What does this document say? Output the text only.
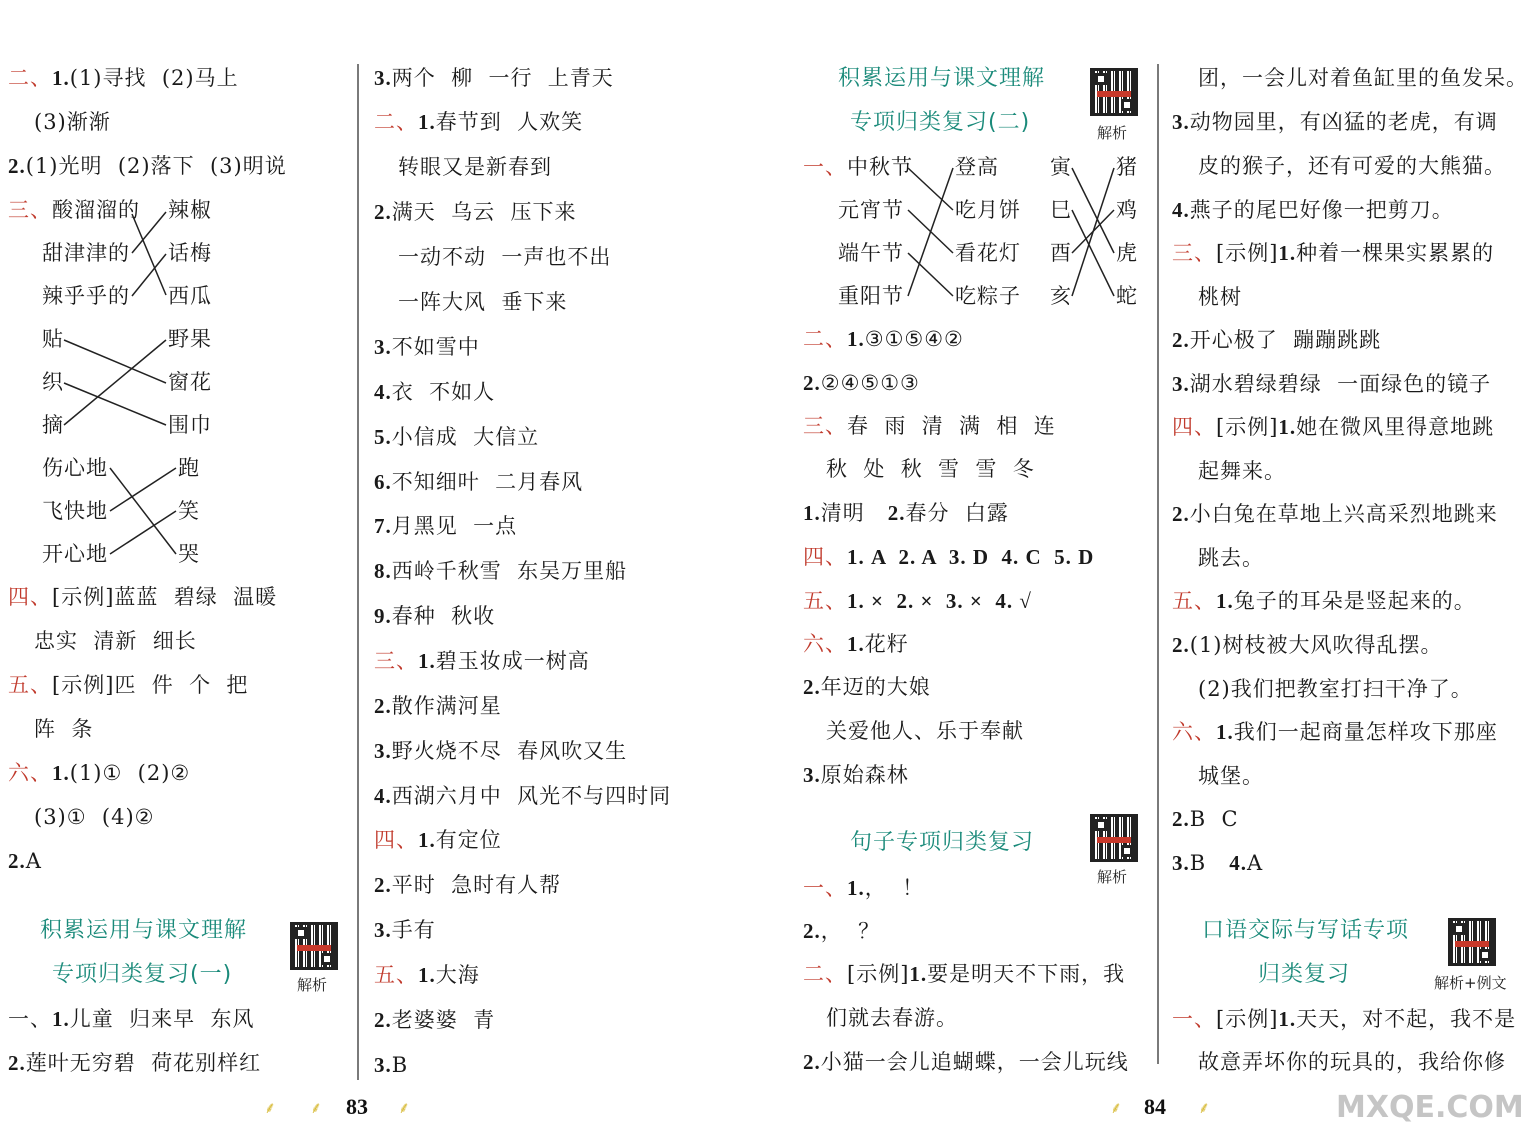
二、1.(1)寻找  (2)马上
(3)渐渐
2.(1)光明  (2)落下  (3)明说
三、酸溜溜的 辣椒
甜津津的 话梅
辣乎乎的 西瓜
贴	野果
织	窗花
摘	围巾
伤心地	跑
飞快地	笑
开心地	哭
四、[示例]蓝蓝  碧绿  温暖
忠实  清新  细长
五、[示例]匹  件  个  把
阵  条
六、1.(1)①  (2)②
(3)①  (4)②
2.A
积累运用与课文理解
专项归类复习(一)	解析
一、1.儿童  归来早  东风
2.莲叶无穷碧  荷花别样红
3.两个  柳  一行  上青天
二、1.春节到  人欢笑
转眼又是新春到
2.满天  乌云  压下来
一动不动  一声也不出
一阵大风  垂下来
3.不如雪中
4.衣  不如人
5.小信成  大信立
6.不知细叶  二月春风
7.月黑见  一点
8.西岭千秋雪  东吴万里船
9.春种  秋收
三、1.碧玉妆成一树高
2.散作满河星
3.野火烧不尽  春风吹又生
4.西湖六月中  风光不与四时同
四、1.有定位
2.平时  急时有人帮
3.手有
五、1.大海
2.老婆婆  青
3.B
积累运用与课文理解
专项归类复习(二)	解析
一、中秋节 登高 寅 猪
元宵节 吃月饼 巳 鸡
端午节 看花灯 酉 虎
重阳节 吃粽子 亥 蛇
二、1.③①⑤④②
2.②④⑤①③
三、春  雨  清  满  相  连
秋  处  秋  雪  雪  冬
1.清明 2.春分  白露
四、1. A  2. A  3. D  4. C  5. D
五、1. ×  2. ×  3. ×  4. √
六、1.花籽
2.年迈的大娘
关爱他人、乐于奉献
3.原始森林
句子专项归类复习
解析
一、1.，  ！
2.，  ？
二、[示例]1.要是明天不下雨，我
们就去春游。
2.小猫一会儿追蝴蝶，一会儿玩线
团，一会儿对着鱼缸里的鱼发呆。
3.动物园里，有凶猛的老虎，有调
皮的猴子，还有可爱的大熊猫。
4.燕子的尾巴好像一把剪刀。
三、[示例]1.种着一棵果实累累的
桃树
2.开心极了  蹦蹦跳跳
3.湖水碧绿碧绿  一面绿色的镜子
四、[示例]1.她在微风里得意地跳
起舞来。
2.小白兔在草地上兴高采烈地跳来
跳去。
五、1.兔子的耳朵是竖起来的。
2.(1)树枝被大风吹得乱摆。
(2)我们把教室打扫干净了。
六、1.我们一起商量怎样攻下那座
城堡。
2.B  C
3.B 4.A
口语交际与写话专项
归类复习	解析+例文
一、[示例]1.天天，对不起，我不是
故意弄坏你的玩具的，我给你修
⸙ ⸙ 83 ⸙	⸙ 84 ⸙	MXQE.COM
